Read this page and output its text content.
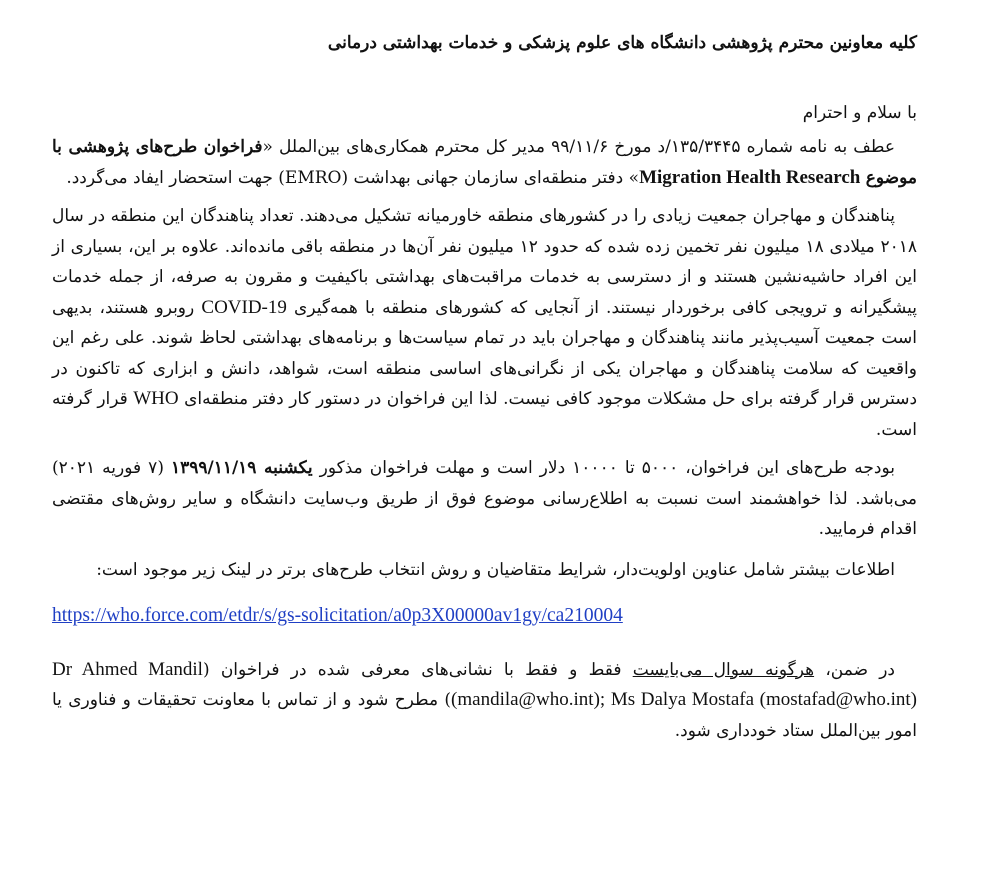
کلیه معاونین محترم پژوهشی دانشگاه های علوم پزشکی و خدمات بهداشتی درمانی
با سلام و احترام

عطف به نامه شماره ۱۳۵/۳۴۴۵/د مورخ ۹۹/۱۱/۶ مدیر کل محترم همکاری‌های بین‌الملل «فراخوان طرح‌های پژوهشی با موضوع Migration Health Research» دفتر منطقه‌ای سازمان جهانی بهداشت (EMRO) جهت استحضار ایفاد می‌گردد.

پناهندگان و مهاجران جمعیت زیادی را در کشورهای منطقه خاورمیانه تشکیل می‌دهند. تعداد پناهندگان این منطقه در سال ۲۰۱۸ میلادی ۱۸ میلیون نفر تخمین زده شده که حدود ۱۲ میلیون نفر آن‌ها در منطقه باقی مانده‌اند. علاوه بر این، بسیاری از این افراد حاشیه‌نشین هستند و از دسترسی به خدمات مراقبت‌های بهداشتی باکیفیت و مقرون به صرفه، از جمله خدمات پیشگیرانه و ترویجی کافی برخوردار نیستند. از آنجایی که کشورهای منطقه با همه‌گیری COVID-19 روبرو هستند، بدیهی است جمعیت آسیب‌پذیر مانند پناهندگان و مهاجران باید در تمام سیاست‌ها و برنامه‌های بهداشتی لحاظ شوند. علی رغم این واقعیت که سلامت پناهندگان و مهاجران یکی از نگرانی‌های اساسی منطقه است، شواهد، دانش و ابزاری که تاکنون در دسترس قرار گرفته برای حل مشکلات موجود کافی نیست. لذا این فراخوان در دستور کار دفتر منطقه‌ای WHO قرار گرفته است.

بودجه طرح‌های این فراخوان، ۵۰۰۰ تا ۱۰۰۰۰ دلار است و مهلت فراخوان مذکور یکشنبه ۱۳۹۹/۱۱/۱۹ (۷ فوریه ۲۰۲۱) می‌باشد. لذا خواهشمند است نسبت به اطلاع‌رسانی موضوع فوق از طریق وب‌سایت دانشگاه و سایر روش‌های مقتضی اقدام فرمایید.

اطلاعات بیشتر شامل عناوین اولویت‌دار، شرایط متقاضیان و روش انتخاب طرح‌های برتر در لینک زیر موجود است:
https://who.force.com/etdr/s/gs-solicitation/a0p3X00000av1gy/ca210004

در ضمن، هرگونه سوال می‌بایست فقط و فقط با نشانی‌های معرفی شده در فراخوان (Dr Ahmed Mandil (mandila@who.int); Ms Dalya Mostafa (mostafad@who.int)) مطرح شود و از تماس با معاونت تحقیقات و فناوری یا امور بین‌الملل ستاد خودداری شود.
